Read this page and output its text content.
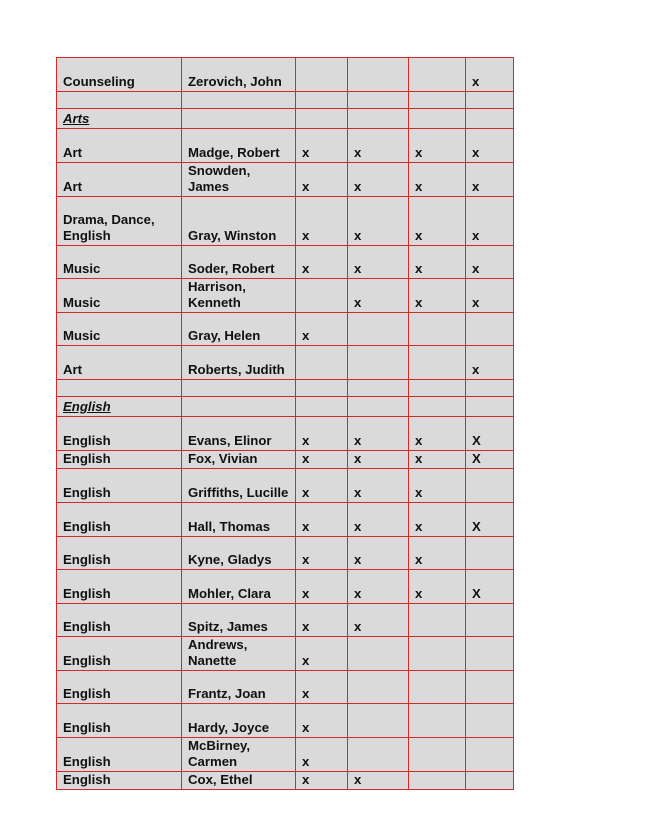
Counseling	Zerovich, John				x

Arts					
Art	Madge, Robert	x	x	x	x
Art	Snowden, James	x	x	x	x
Drama, Dance, English	Gray, Winston	x	x	x	x
Music	Soder, Robert	x	x	x	x
Music	Harrison, Kenneth		x	x	x
Music	Gray, Helen	x			
Art	Roberts, Judith				x

English					
English	Evans, Elinor	x	x	x	X
English	Fox, Vivian	x	x	x	X
English	Griffiths, Lucille	x	x	x	
English	Hall, Thomas	x	x	x	X
English	Kyne, Gladys	x	x	x	
English	Mohler, Clara	x	x	x	X
English	Spitz, James	x	x		
English	Andrews, Nanette	x			
English	Frantz, Joan	x			
English	Hardy, Joyce	x			
English	McBirney, Carmen	x			
English	Cox, Ethel	x	x		
